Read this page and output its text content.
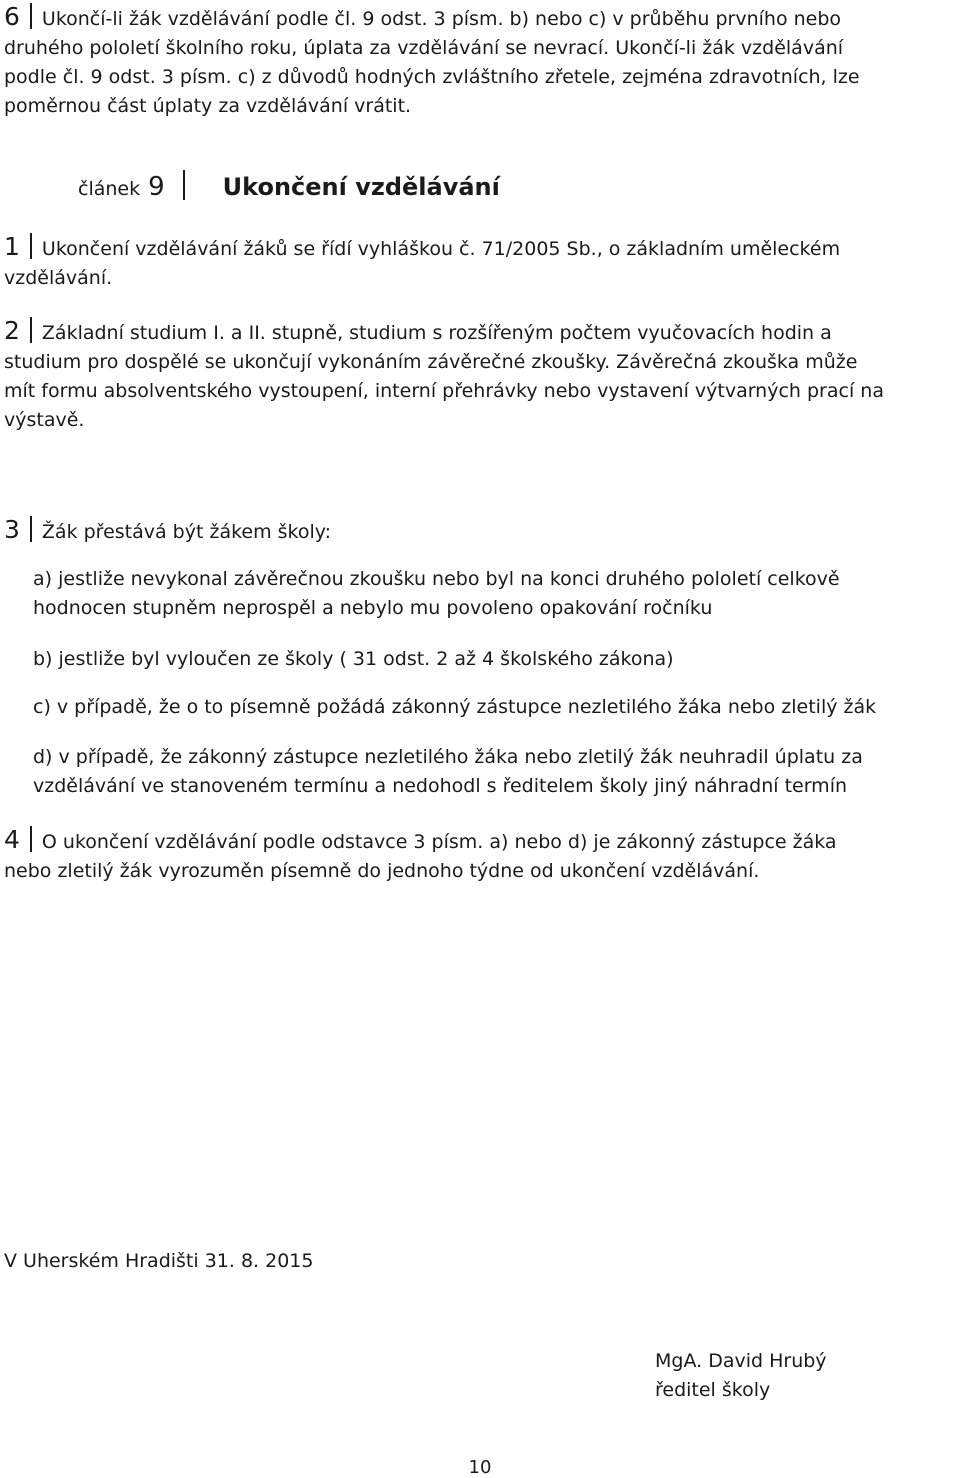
6 Ukončí-li žák vzdělávání podle čl. 9 odst. 3 písm. b) nebo c) v průběhu prvního nebo
druhého pololetí školního roku, úplata za vzdělávání se nevrací. Ukončí-li žák vzdělávání
podle čl. 9 odst. 3 písm. c) z důvodů hodných zvláštního zřetele, zejména zdravotních, lze
poměrnou část úplaty za vzdělávání vrátit.
článek 9 Ukončení vzdělávání
1 Ukončení vzdělávání žáků se řídí vyhláškou č. 71/2005 Sb., o základním uměleckém
vzdělávání.
2 Základní studium I. a II. stupně, studium s rozšířeným počtem vyučovacích hodin a
studium pro dospělé se ukončují vykonáním závěrečné zkoušky. Závěrečná zkouška může
mít formu absolventského vystoupení, interní přehrávky nebo vystavení výtvarných prací na
výstavě.
3 Žák přestává být žákem školy:
a) jestliže nevykonal závěrečnou zkoušku nebo byl na konci druhého pololetí celkově
hodnocen stupněm neprospěl a nebylo mu povoleno opakování ročníku
b) jestliže byl vyloučen ze školy ( 31 odst. 2 až 4 školského zákona)
c) v případě, že o to písemně požádá zákonný zástupce nezletilého žáka nebo zletilý žák
d) v případě, že zákonný zástupce nezletilého žáka nebo zletilý žák neuhradil úplatu za
vzdělávání ve stanoveném termínu a nedohodl s ředitelem školy jiný náhradní termín
4 O ukončení vzdělávání podle odstavce 3 písm. a) nebo d) je zákonný zástupce žáka
nebo zletilý žák vyrozuměn písemně do jednoho týdne od ukončení vzdělávání.
V Uherském Hradišti 31. 8. 2015
MgA. David Hrubý
ředitel školy
10
